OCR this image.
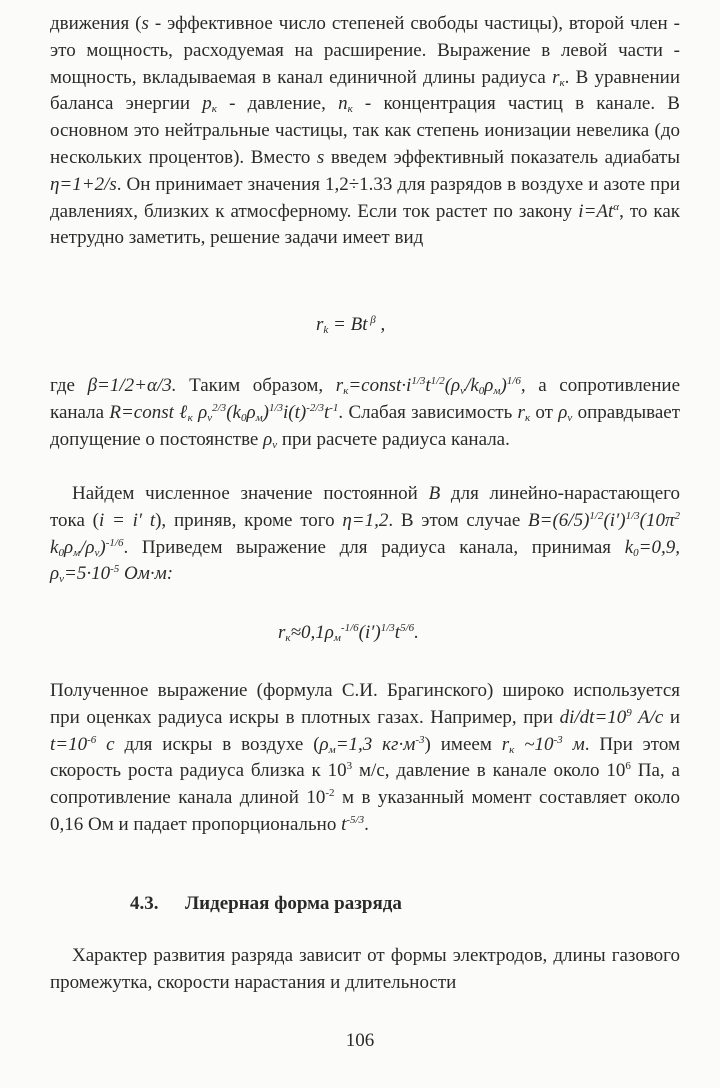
движения (s - эффективное число степеней свободы частицы), второй член - это мощность, расходуемая на расширение. Выражение в левой части - мощность, вкладываемая в канал единичной длины радиуса $r_к$. В уравнении баланса энергии $p_к$ - давление, $n_к$ - концентрация частиц в канале. В основном это нейтральные частицы, так как степень ионизации невелика (до нескольких процентов). Вместо s введем эффективный показатель адиабаты η=1+2/s. Он принимает значения 1,2÷1.33 для разрядов в воздухе и азоте при давлениях, близких к атмосферному. Если ток растет по закону $i=At^\alpha$, то как нетрудно заметить, решение задачи имеет вид
$r_k = Bt$ $^\beta$ ,
где β=1/2+α/3. Таким образом, $r_к=const\cdot i^{1/3}t^{1/2}(\rho_\nu/k_0\rho_м)^{1/6}$, а сопротивление канала R=const ℓ$_к$ $\rho_\nu^{2/3}(k_0\rho_м)^{1/3}i(t)^{-2/3}t^{-1}$. Слабая зависимость $r_к$ от $\rho_\nu$ оправдывает допущение о постоянстве $\rho_\nu$ при расчете радиуса канала.
Найдем численное значение постоянной B для линейно-нарастающего тока (i = i′ t), приняв, кроме того η=1,2. В этом случае $B=(6/5)^{1/2}(i')^{1/3}(10\pi^2$ $k_0\rho_м/\rho_\nu)^{-1/6}$. Приведем выражение для радиуса канала, принимая $k_0=0,9$, $\rho_\nu=5\cdot 10^{-5}$ Ом·м:
$r_к\approx 0,1\rho_м^{-1/6}(i')^{1/3}t^{5/6}$.
Полученное выражение (формула С.И. Брагинского) широко используется при оценках радиуса искры в плотных газах. Например, при $di/dt=10^9$ A/c и $t=10^{-6}$ c для искры в воздухе ($\rho_м=1,3$ $кг\cdot м^{-3}$) имеем $r_к$ $\sim 10^{-3}$ м. При этом скорость роста радиуса близка к $10^3$ м/с, давление в канале около $10^6$ Па, а сопротивление канала длиной $10^{-2}$ м в указанный момент составляет около 0,16 Ом и падает пропорционально $t^{-5/3}$.
4.3. Лидерная форма разряда
Характер развития разряда зависит от формы электродов, длины газового промежутка, скорости нарастания и длительности
106
